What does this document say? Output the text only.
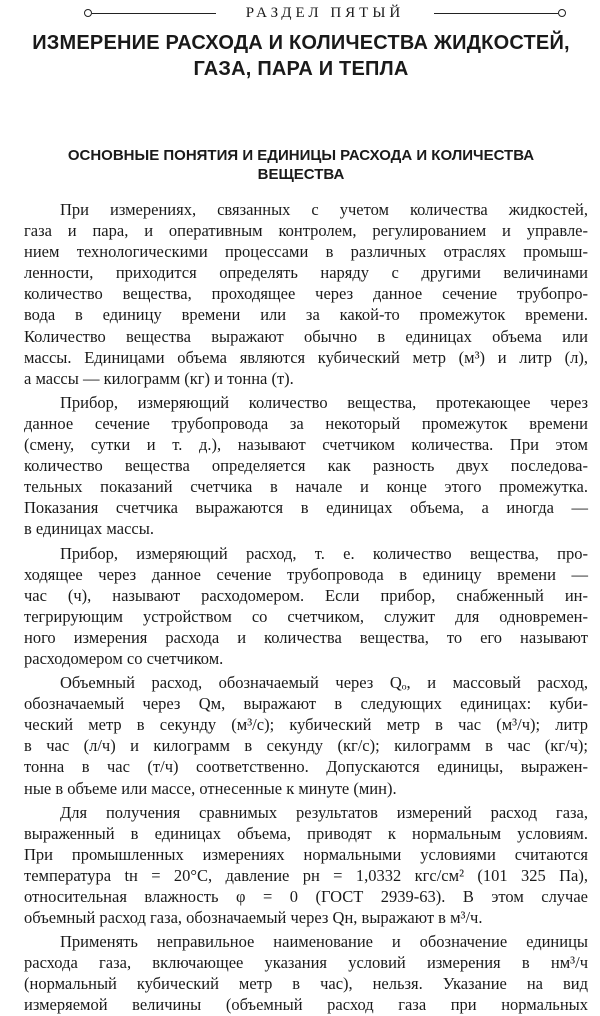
РАЗДЕЛ ПЯТЫЙ
ИЗМЕРЕНИЕ РАСХОДА И КОЛИЧЕСТВА ЖИДКОСТЕЙ,
ГАЗА, ПАРА И ТЕПЛА
ОСНОВНЫЕ ПОНЯТИЯ И ЕДИНИЦЫ РАСХОДА И КОЛИЧЕСТВА
ВЕЩЕСТВА
При измерениях, связанных с учетом количества жидкостей,
газа и пара, и оперативным контролем, регулированием и управле-
нием технологическими процессами в различных отраслях промыш-
ленности, приходится определять наряду с другими величинами
количество вещества, проходящее через данное сечение трубопро-
вода в единицу времени или за какой-то промежуток времени.
Количество вещества выражают обычно в единицах объема или
массы. Единицами объема являются кубический метр (м³) и литр (л),
а массы — килограмм (кг) и тонна (т).
Прибор, измеряющий количество вещества, протекающее через
данное сечение трубопровода за некоторый промежуток времени
(смену, сутки и т. д.), называют счетчиком количества. При этом
количество вещества определяется как разность двух последова-
тельных показаний счетчика в начале и конце этого промежутка.
Показания счетчика выражаются в единицах объема, а иногда —
в единицах массы.
Прибор, измеряющий расход, т. е. количество вещества, про-
ходящее через данное сечение трубопровода в единицу времени —
час (ч), называют расходомером. Если прибор, снабженный ин-
тегрирующим устройством со счетчиком, служит для одновремен-
ного измерения расхода и количества вещества, то его называют
расходомером со счетчиком.
Объемный расход, обозначаемый через Qₒ, и массовый расход,
обозначаемый через Qм, выражают в следующих единицах: куби-
ческий метр в секунду (м³/с); кубический метр в час (м³/ч); литр
в час (л/ч) и килограмм в секунду (кг/с); килограмм в час (кг/ч);
тонна в час (т/ч) соответственно. Допускаются единицы, выражен-
ные в объеме или массе, отнесенные к минуте (мин).
Для получения сравнимых результатов измерений расход газа,
выраженный в единицах объема, приводят к нормальным условиям.
При промышленных измерениях нормальными условиями считаются
температура tн = 20°С, давление pн = 1,0332 кгс/см² (101 325 Па),
относительная влажность φ = 0 (ГОСТ 2939-63). В этом случае
объемный расход газа, обозначаемый через Qн, выражают в м³/ч.
Применять неправильное наименование и обозначение единицы
расхода газа, включающее указания условий измерения в нм³/ч
(нормальный кубический метр в час), нельзя. Указание на вид
измеряемой величины (объемный расход газа при нормальных
